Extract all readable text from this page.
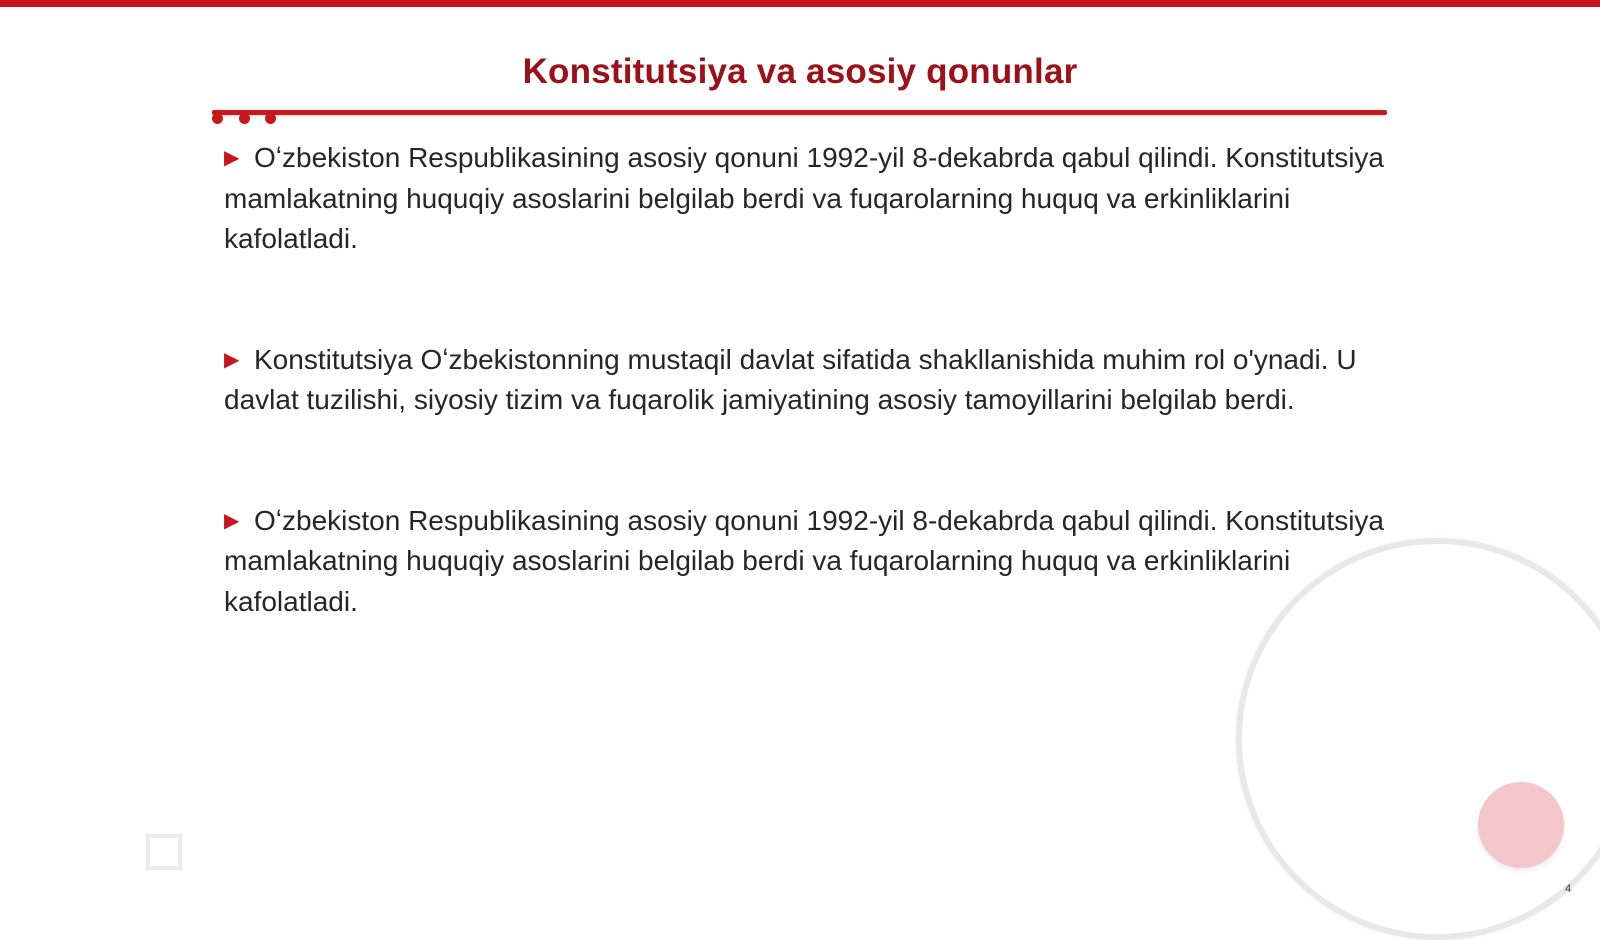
Konstitutsiya va asosiy qonunlar

▶ Oʻzbekiston Respublikasining asosiy qonuni 1992-yil 8-dekabrda qabul qilindi. Konstitutsiya mamlakatning huquqiy asoslarini belgilab berdi va fuqarolarning huquq va erkinliklarini kafolatladi.

▶ Konstitutsiya Oʻzbekistonning mustaqil davlat sifatida shakllanishida muhim rol o'ynadi. U davlat tuzilishi, siyosiy tizim va fuqarolik jamiyatining asosiy tamoyillarini belgilab berdi.

▶ Oʻzbekiston Respublikasining asosiy qonuni 1992-yil 8-dekabrda qabul qilindi. Konstitutsiya mamlakatning huquqiy asoslarini belgilab berdi va fuqarolarning huquq va erkinliklarini kafolatladi.

4
